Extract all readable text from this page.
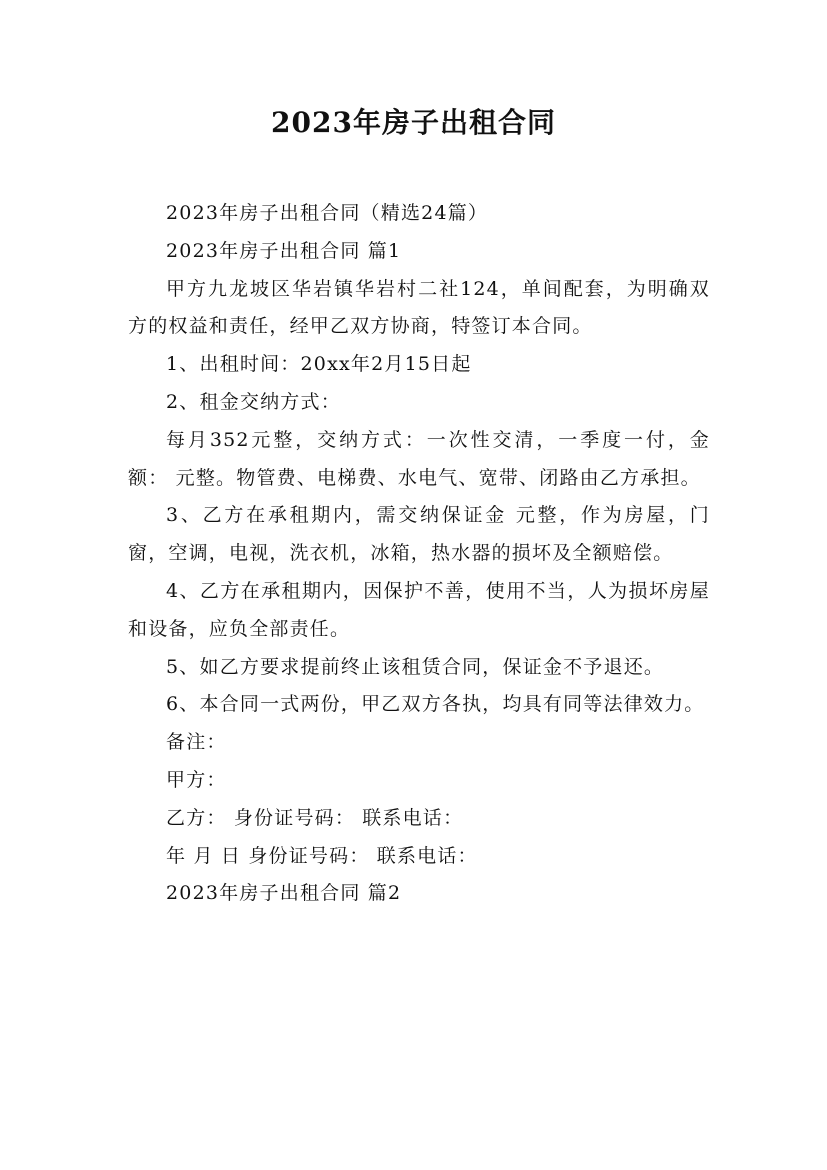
2023年房子出租合同

2023年房子出租合同（精选24篇）

2023年房子出租合同 篇1

甲方九龙坡区华岩镇华岩村二社124，单间配套，为明确双方的权益和责任，经甲乙双方协商，特签订本合同。

1、出租时间：20xx年2月15日起

2、租金交纳方式：

每月352元整，交纳方式：一次性交清，一季度一付，金额： 元整。物管费、电梯费、水电气、宽带、闭路由乙方承担。

3、乙方在承租期内，需交纳保证金 元整，作为房屋，门窗，空调，电视，洗衣机，冰箱，热水器的损坏及全额赔偿。

4、乙方在承租期内，因保护不善，使用不当，人为损坏房屋和设备，应负全部责任。

5、如乙方要求提前终止该租赁合同，保证金不予退还。

6、本合同一式两份，甲乙双方各执，均具有同等法律效力。

备注：

甲方：

乙方： 身份证号码： 联系电话：

年 月 日 身份证号码： 联系电话：

2023年房子出租合同 篇2
